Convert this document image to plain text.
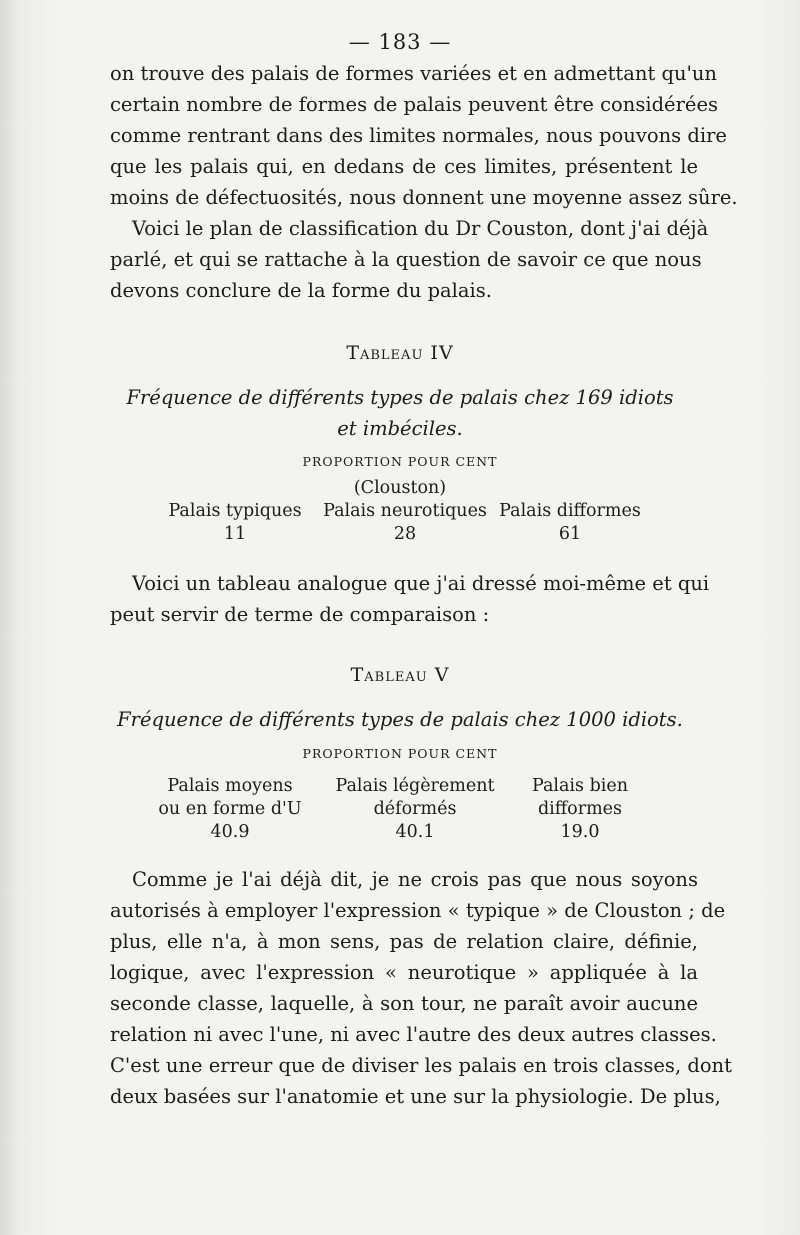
— 183 —
on trouve des palais de formes variées et en admettant qu'un
certain nombre de formes de palais peuvent être considérées
comme rentrant dans des limites normales, nous pouvons dire
que les palais qui, en dedans de ces limites, présentent le
moins de défectuosités, nous donnent une moyenne assez sûre.
Voici le plan de classification du Dr Couston, dont j'ai déjà
parlé, et qui se rattache à la question de savoir ce que nous
devons conclure de la forme du palais.
Tableau IV
Fréquence de différents types de palais chez 169 idiots
et imbéciles.
PROPORTION POUR CENT
(Clouston)
Palais typiques
11
Palais neurotiques
28
Palais difformes
61
Voici un tableau analogue que j'ai dressé moi-même et qui
peut servir de terme de comparaison :
Tableau V
Fréquence de différents types de palais chez 1000 idiots.
PROPORTION POUR CENT
Palais moyens
ou en forme d'U
40.9
Palais légèrement
déformés
40.1
Palais bien
difformes
19.0
Comme je l'ai déjà dit, je ne crois pas que nous soyons
autorisés à employer l'expression « typique » de Clouston ; de
plus, elle n'a, à mon sens, pas de relation claire, définie,
logique, avec l'expression « neurotique » appliquée à la
seconde classe, laquelle, à son tour, ne paraît avoir aucune
relation ni avec l'une, ni avec l'autre des deux autres classes.
C'est une erreur que de diviser les palais en trois classes, dont
deux basées sur l'anatomie et une sur la physiologie. De plus,
